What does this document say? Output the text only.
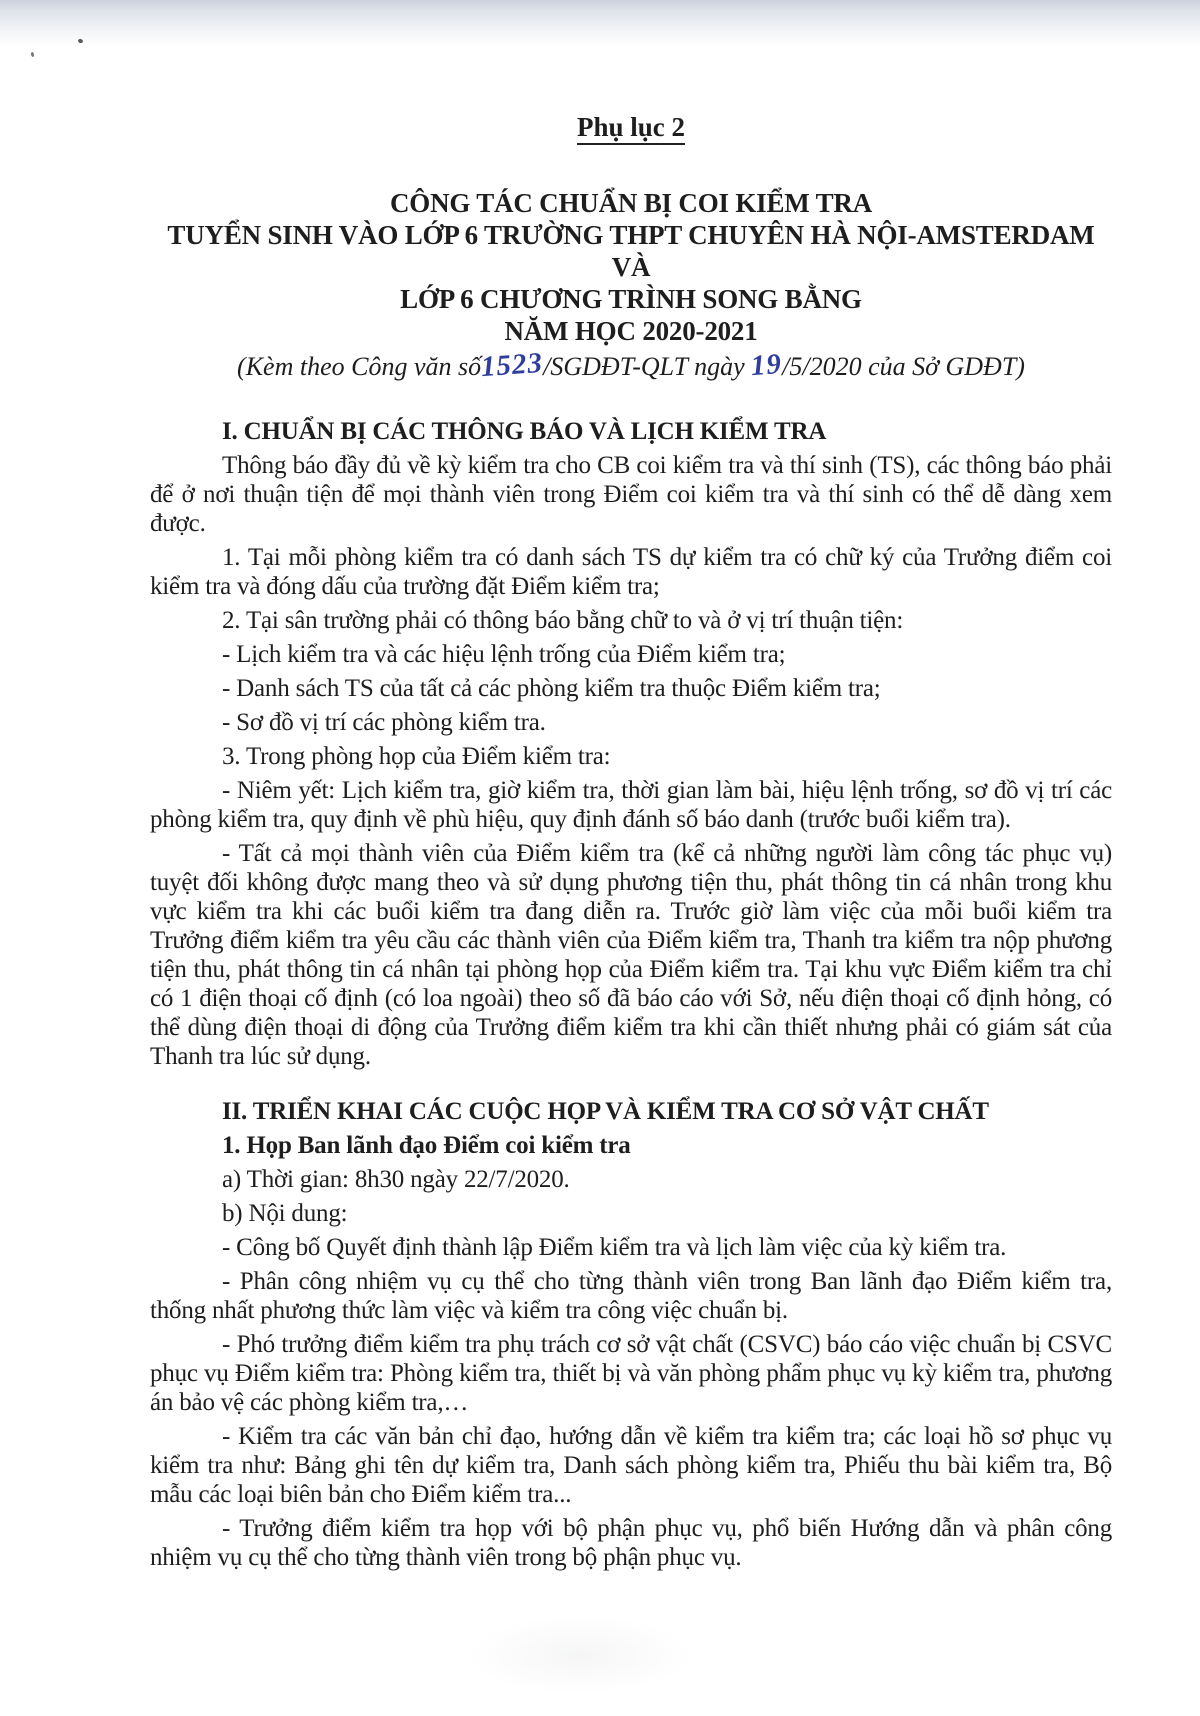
Phụ lục 2
CÔNG TÁC CHUẨN BỊ COI KIỂM TRA
TUYỂN SINH VÀO LỚP 6 TRƯỜNG THPT CHUYÊN HÀ NỘI-AMSTERDAM VÀ
LỚP 6 CHƯƠNG TRÌNH SONG BẰNG
NĂM HỌC 2020-2021
(Kèm theo Công văn số1523/SGDĐT-QLT ngày 19/5/2020 của Sở GDĐT)

I. CHUẨN BỊ CÁC THÔNG BÁO VÀ LỊCH KIỂM TRA

Thông báo đầy đủ về kỳ kiểm tra cho CB coi kiểm tra và thí sinh (TS), các thông báo phải để ở nơi thuận tiện để mọi thành viên trong Điểm coi kiểm tra và thí sinh có thể dễ dàng xem được.

1. Tại mỗi phòng kiểm tra có danh sách TS dự kiểm tra có chữ ký của Trưởng điểm coi kiểm tra và đóng dấu của trường đặt Điểm kiểm tra;

2. Tại sân trường phải có thông báo bằng chữ to và ở vị trí thuận tiện:

- Lịch kiểm tra và các hiệu lệnh trống của Điểm kiểm tra;

- Danh sách TS của tất cả các phòng kiểm tra thuộc Điểm kiểm tra;

- Sơ đồ vị trí các phòng kiểm tra.

3. Trong phòng họp của Điểm kiểm tra:

- Niêm yết: Lịch kiểm tra, giờ kiểm tra, thời gian làm bài, hiệu lệnh trống, sơ đồ vị trí các phòng kiểm tra, quy định về phù hiệu, quy định đánh số báo danh (trước buổi kiểm tra).

- Tất cả mọi thành viên của Điểm kiểm tra (kể cả những người làm công tác phục vụ) tuyệt đối không được mang theo và sử dụng phương tiện thu, phát thông tin cá nhân trong khu vực kiểm tra khi các buổi kiểm tra đang diễn ra. Trước giờ làm việc của mỗi buổi kiểm tra Trưởng điểm kiểm tra yêu cầu các thành viên của Điểm kiểm tra, Thanh tra kiểm tra nộp phương tiện thu, phát thông tin cá nhân tại phòng họp của Điểm kiểm tra. Tại khu vực Điểm kiểm tra chỉ có 1 điện thoại cố định (có loa ngoài) theo số đã báo cáo với Sở, nếu điện thoại cố định hỏng, có thể dùng điện thoại di động của Trưởng điểm kiểm tra khi cần thiết nhưng phải có giám sát của Thanh tra lúc sử dụng.

II. TRIỂN KHAI CÁC CUỘC HỌP VÀ KIỂM TRA CƠ SỞ VẬT CHẤT

1. Họp Ban lãnh đạo Điểm coi kiểm tra

a) Thời gian: 8h30 ngày 22/7/2020.

b) Nội dung:

- Công bố Quyết định thành lập Điểm kiểm tra và lịch làm việc của kỳ kiểm tra.

- Phân công nhiệm vụ cụ thể cho từng thành viên trong Ban lãnh đạo Điểm kiểm tra, thống nhất phương thức làm việc và kiểm tra công việc chuẩn bị.

- Phó trưởng điểm kiểm tra phụ trách cơ sở vật chất (CSVC) báo cáo việc chuẩn bị CSVC phục vụ Điểm kiểm tra: Phòng kiểm tra, thiết bị và văn phòng phẩm phục vụ kỳ kiểm tra, phương án bảo vệ các phòng kiểm tra,…

- Kiểm tra các văn bản chỉ đạo, hướng dẫn về kiểm tra kiểm tra; các loại hồ sơ phục vụ kiểm tra như: Bảng ghi tên dự kiểm tra, Danh sách phòng kiểm tra, Phiếu thu bài kiểm tra, Bộ mẫu các loại biên bản cho Điểm kiểm tra...

- Trưởng điểm kiểm tra họp với bộ phận phục vụ, phổ biến Hướng dẫn và phân công nhiệm vụ cụ thể cho từng thành viên trong bộ phận phục vụ.
